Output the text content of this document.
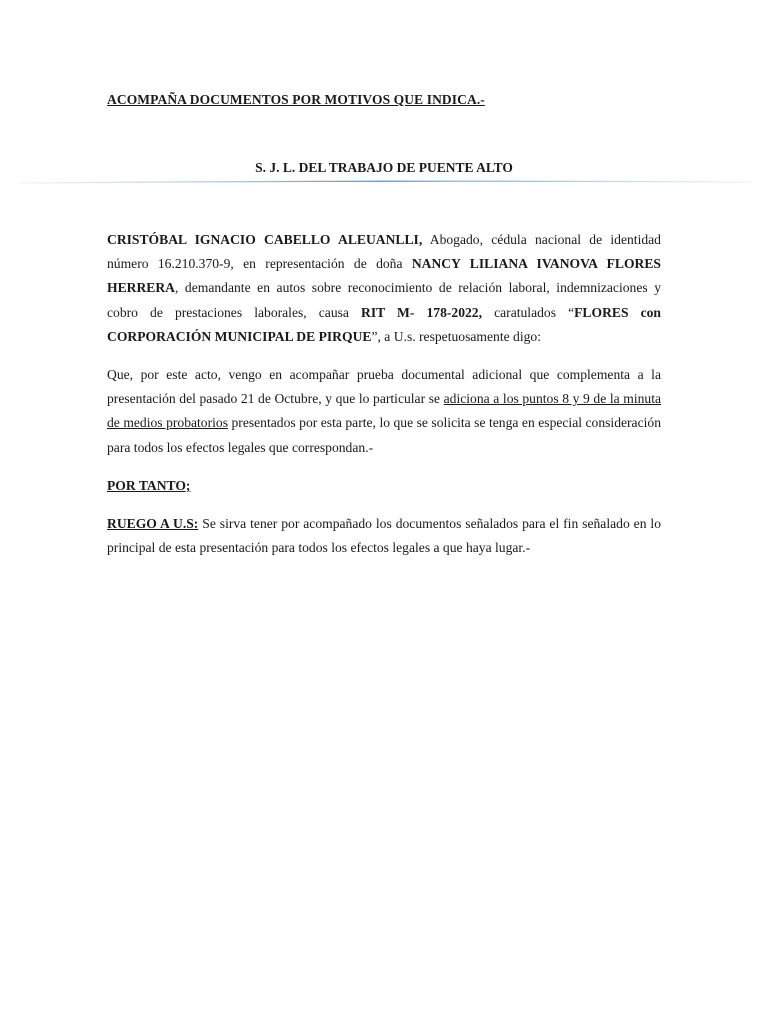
ACOMPAÑA DOCUMENTOS POR MOTIVOS QUE INDICA.-
S. J. L. DEL TRABAJO DE PUENTE ALTO

CRISTÓBAL IGNACIO CABELLO ALEUANLLI, Abogado, cédula nacional de identidad número 16.210.370-9, en representación de doña NANCY LILIANA IVANOVA FLORES HERRERA, demandante en autos sobre reconocimiento de relación laboral, indemnizaciones y cobro de prestaciones laborales, causa RIT M- 178-2022, caratulados “FLORES con CORPORACIÓN MUNICIPAL DE PIRQUE”, a U.s. respetuosamente digo:

Que, por este acto, vengo en acompañar prueba documental adicional que complementa a la presentación del pasado 21 de Octubre, y que lo particular se adiciona a los puntos 8 y 9 de la minuta de medios probatorios presentados por esta parte, lo que se solicita se tenga en especial consideración para todos los efectos legales que correspondan.-

POR TANTO;

RUEGO A U.S: Se sirva tener por acompañado los documentos señalados para el fin señalado en lo principal de esta presentación para todos los efectos legales a que haya lugar.-
